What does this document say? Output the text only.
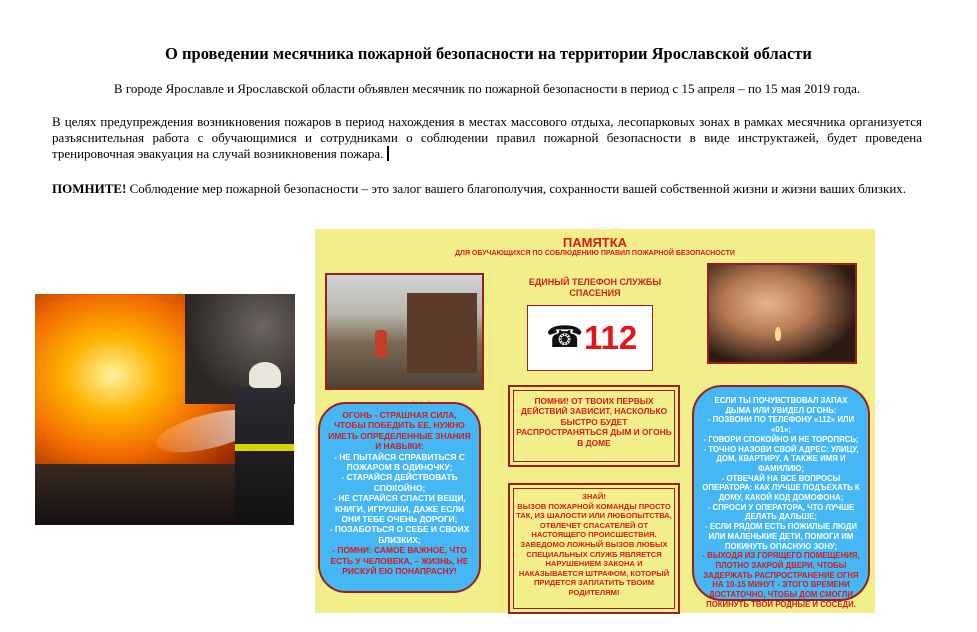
О проведении месячника пожарной безопасности на территории Ярославской области
В городе Ярославле и Ярославской области объявлен месячник по пожарной безопасности в период с 15 апреля – по 15 мая 2019 года.
В целях предупреждения возникновения пожаров в период нахождения в местах массового отдыха, лесопарковых зонах в рамках месячника организуется разъяснительная работа с обучающимися и сотрудниками о соблюдении правил пожарной безопасности в виде инструктажей, будет проведена тренировочная эвакуация на случай возникновения пожара.
ПОМНИТЕ! Соблюдение мер пожарной безопасности – это залог вашего благополучия, сохранности вашей собственной жизни и жизни ваших близких.
ПАМЯТКА
ДЛЯ ОБУЧАЮЩИХСЯ ПО СОБЛЮДЕНИЮ ПРАВИЛ ПОЖАРНОЙ БЕЗОПАСНОСТИ
ЕДИНЫЙ ТЕЛЕФОН СЛУЖБЫ СПАСЕНИЯ
☎ 112
ОГОНЬ - СТРАШНАЯ СИЛА, ЧТОБЫ ПОБЕДИТЬ ЕЕ, НУЖНО ИМЕТЬ ОПРЕДЕЛЕННЫЕ ЗНАНИЯ И НАВЫКИ:
- НЕ ПЫТАЙСЯ СПРАВИТЬСЯ С ПОЖАРОМ В ОДИНОЧКУ;
- СТАРАЙСЯ ДЕЙСТВОВАТЬ СПОКОЙНО;
- НЕ СТАРАЙСЯ СПАСТИ ВЕЩИ, КНИГИ, ИГРУШКИ, ДАЖЕ ЕСЛИ ОНИ ТЕБЕ ОЧЕНЬ ДОРОГИ;
- ПОЗАБОТЬСЯ О СЕБЕ И СВОИХ БЛИЗКИХ;
- ПОМНИ: САМОЕ ВАЖНОЕ, ЧТО ЕСТЬ У ЧЕЛОВЕКА, – ЖИЗНЬ, НЕ РИСКУЙ ЕЮ ПОНАПРАСНУ!
ПОМНИ! ОТ ТВОИХ ПЕРВЫХ ДЕЙСТВИЙ ЗАВИСИТ, НАСКОЛЬКО БЫСТРО БУДЕТ РАСПРОСТРАНЯТЬСЯ ДЫМ И ОГОНЬ В ДОМЕ
ЗНАЙ!
ВЫЗОВ ПОЖАРНОЙ КОМАНДЫ ПРОСТО ТАК, ИЗ ШАЛОСТИ ИЛИ ЛЮБОПЫТСТВА, ОТВЛЕЧЕТ СПАСАТЕЛЕЙ ОТ НАСТОЯЩЕГО ПРОИСШЕСТВИЯ. ЗАВЕДОМО ЛОЖНЫЙ ВЫЗОВ ЛЮБЫХ СПЕЦИАЛЬНЫХ СЛУЖБ ЯВЛЯЕТСЯ НАРУШЕНИЕМ ЗАКОНА И НАКАЗЫВАЕТСЯ ШТРАФОМ, КОТОРЫЙ ПРИДЕТСЯ ЗАПЛАТИТЬ ТВОИМ РОДИТЕЛЯМ!
ЕСЛИ ТЫ ПОЧУВСТВОВАЛ ЗАПАХ ДЫМА ИЛИ УВИДЕЛ ОГОНЬ:
- ПОЗВОНИ ПО ТЕЛЕФОНУ «112» ИЛИ «01»;
- ГОВОРИ СПОКОЙНО И НЕ ТОРОПЯСЬ;
- ТОЧНО НАЗОВИ СВОЙ АДРЕС: УЛИЦУ, ДОМ, КВАРТИРУ, А ТАКЖЕ ИМЯ И ФАМИЛИЮ;
- ОТВЕЧАЙ НА ВСЕ ВОПРОСЫ ОПЕРАТОРА: КАК ЛУЧШЕ ПОДЪЕХАТЬ К ДОМУ, КАКОЙ КОД ДОМОФОНА;
- СПРОСИ У ОПЕРАТОРА, ЧТО ЛУЧШЕ ДЕЛАТЬ ДАЛЬШЕ;
- ЕСЛИ РЯДОМ ЕСТЬ ПОЖИЛЫЕ ЛЮДИ ИЛИ МАЛЕНЬКИЕ ДЕТИ, ПОМОГИ ИМ ПОКИНУТЬ ОПАСНУЮ ЗОНУ;
- ВЫХОДЯ ИЗ ГОРЯЩЕГО ПОМЕЩЕНИЯ, ПЛОТНО ЗАКРОЙ ДВЕРИ, ЧТОБЫ ЗАДЕРЖАТЬ РАСПРОСТРАНЕНИЕ ОГНЯ НА 10-15 МИНУТ - ЭТОГО ВРЕМЕНИ ДОСТАТОЧНО, ЧТОБЫ ДОМ СМОГЛИ ПОКИНУТЬ ТВОИ РОДНЫЕ И СОСЕДИ.
